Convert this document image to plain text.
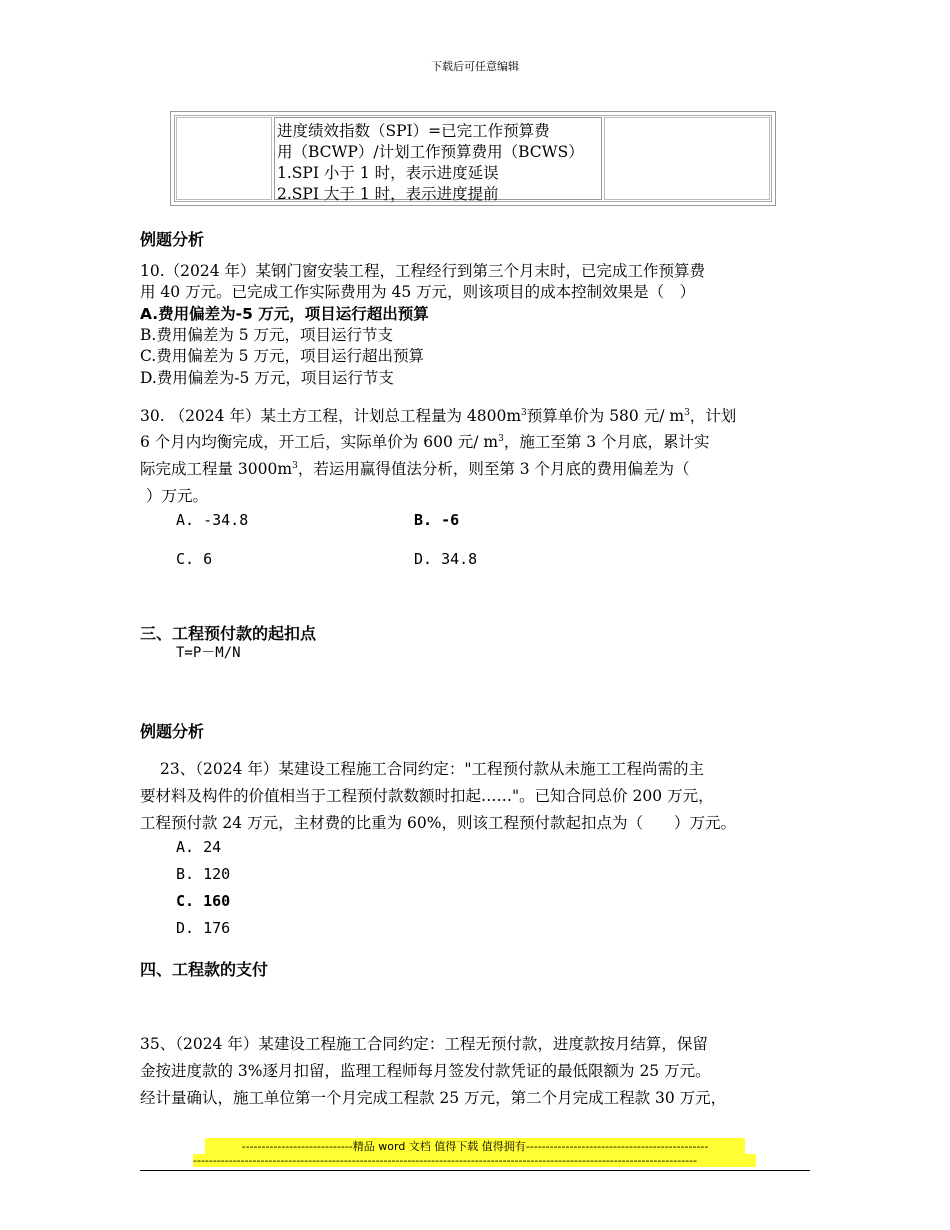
下载后可任意编辑
进度绩效指数（SPI）=已完工作预算费
用（BCWP）/计划工作预算费用（BCWS）
1.SPI 小于 1 时，表示进度延误
2.SPI 大于 1 时，表示进度提前
例题分析
10.（2024 年）某钢门窗安装工程，工程经行到第三个月末时，已完成工作预算费
用 40 万元。已完成工作实际费用为 45 万元，则该项目的成本控制效果是（　）
A.费用偏差为-5 万元，项目运行超出预算
B.费用偏差为 5 万元，项目运行节支
C.费用偏差为 5 万元，项目运行超出预算
D.费用偏差为-5 万元，项目运行节支
30. （2024 年）某土方工程，计划总工程量为 $4800m^3$预算单价为 580 元/ $m^3$，计划
6 个月内均衡完成，开工后，实际单价为 600 元/ $m^3$，施工至第 3 个月底，累计实
际完成工程量 $3000m^3$，若运用赢得值法分析，则至第 3 个月底的费用偏差为（
）万元。
A. -34.8	B. -6
C. 6	D. 34.8
三、工程预付款的起扣点
T=P－M/N
例题分析
23、（2024 年）某建设工程施工合同约定："工程预付款从未施工工程尚需的主
要材料及构件的价值相当于工程预付款数额时扣起……"。已知合同总价 200 万元，
工程预付款 24 万元，主材费的比重为 60%，则该工程预付款起扣点为（　　）万元。
A. 24
B. 120
C. 160
D. 176
四、工程款的支付
35、（2024 年）某建设工程施工合同约定：工程无预付款，进度款按月结算，保留
金按进度款的 3%逐月扣留，监理工程师每月签发付款凭证的最低限额为 25 万元。
经计量确认，施工单位第一个月完成工程款 25 万元，第二个月完成工程款 30 万元，
----------------------------精品 word 文档 值得下载 值得拥有----------------------------------------------
-------------------------------------------------------------------------------------------------------------------------------
